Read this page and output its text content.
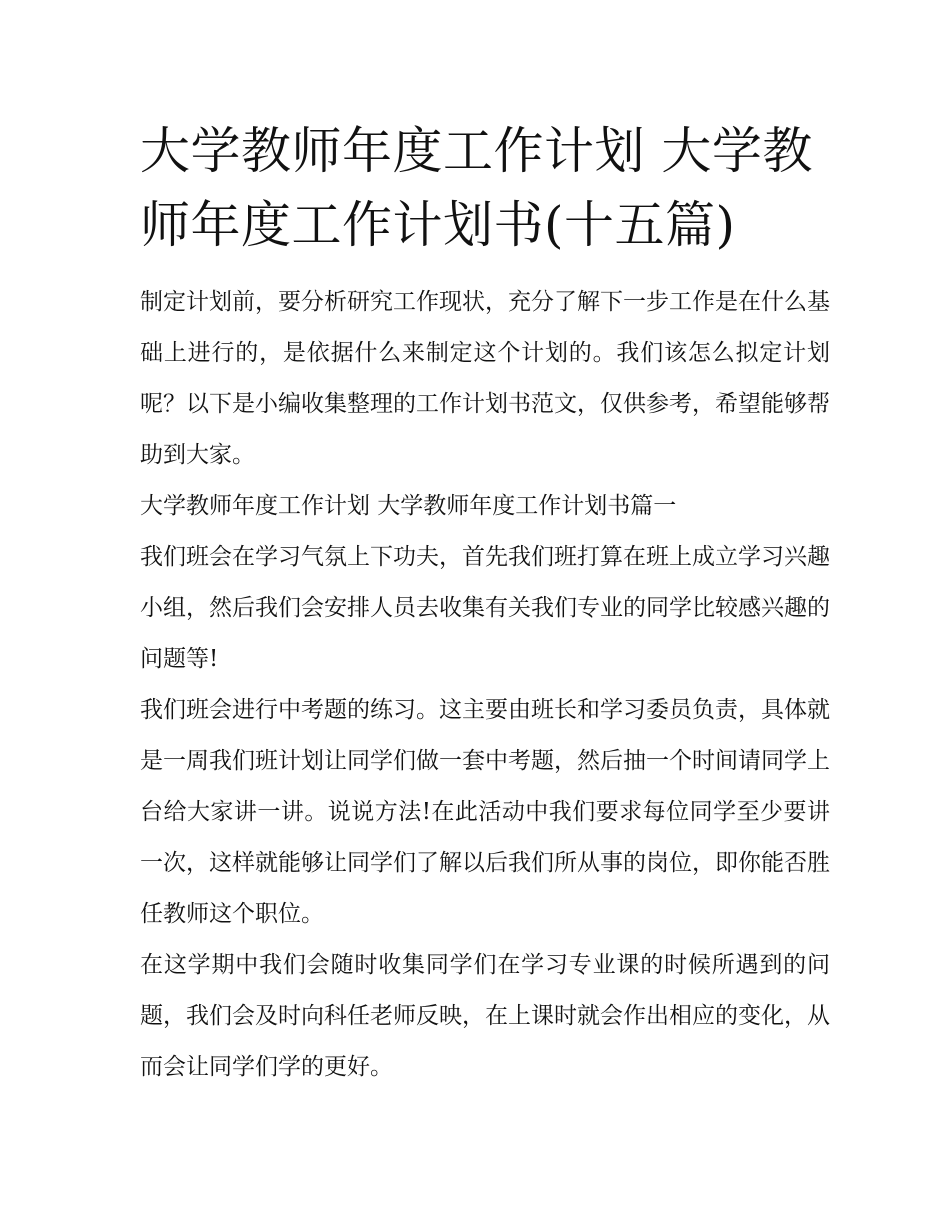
大学教师年度工作计划 大学教师年度工作计划书(十五篇)

制定计划前，要分析研究工作现状，充分了解下一步工作是在什么基础上进行的，是依据什么来制定这个计划的。我们该怎么拟定计划呢？以下是小编收集整理的工作计划书范文，仅供参考，希望能够帮助到大家。

大学教师年度工作计划 大学教师年度工作计划书篇一

我们班会在学习气氛上下功夫，首先我们班打算在班上成立学习兴趣小组，然后我们会安排人员去收集有关我们专业的同学比较感兴趣的问题等!

我们班会进行中考题的练习。这主要由班长和学习委员负责，具体就是一周我们班计划让同学们做一套中考题，然后抽一个时间请同学上台给大家讲一讲。说说方法!在此活动中我们要求每位同学至少要讲一次，这样就能够让同学们了解以后我们所从事的岗位，即你能否胜任教师这个职位。

在这学期中我们会随时收集同学们在学习专业课的时候所遇到的问题，我们会及时向科任老师反映，在上课时就会作出相应的变化，从而会让同学们学的更好。
